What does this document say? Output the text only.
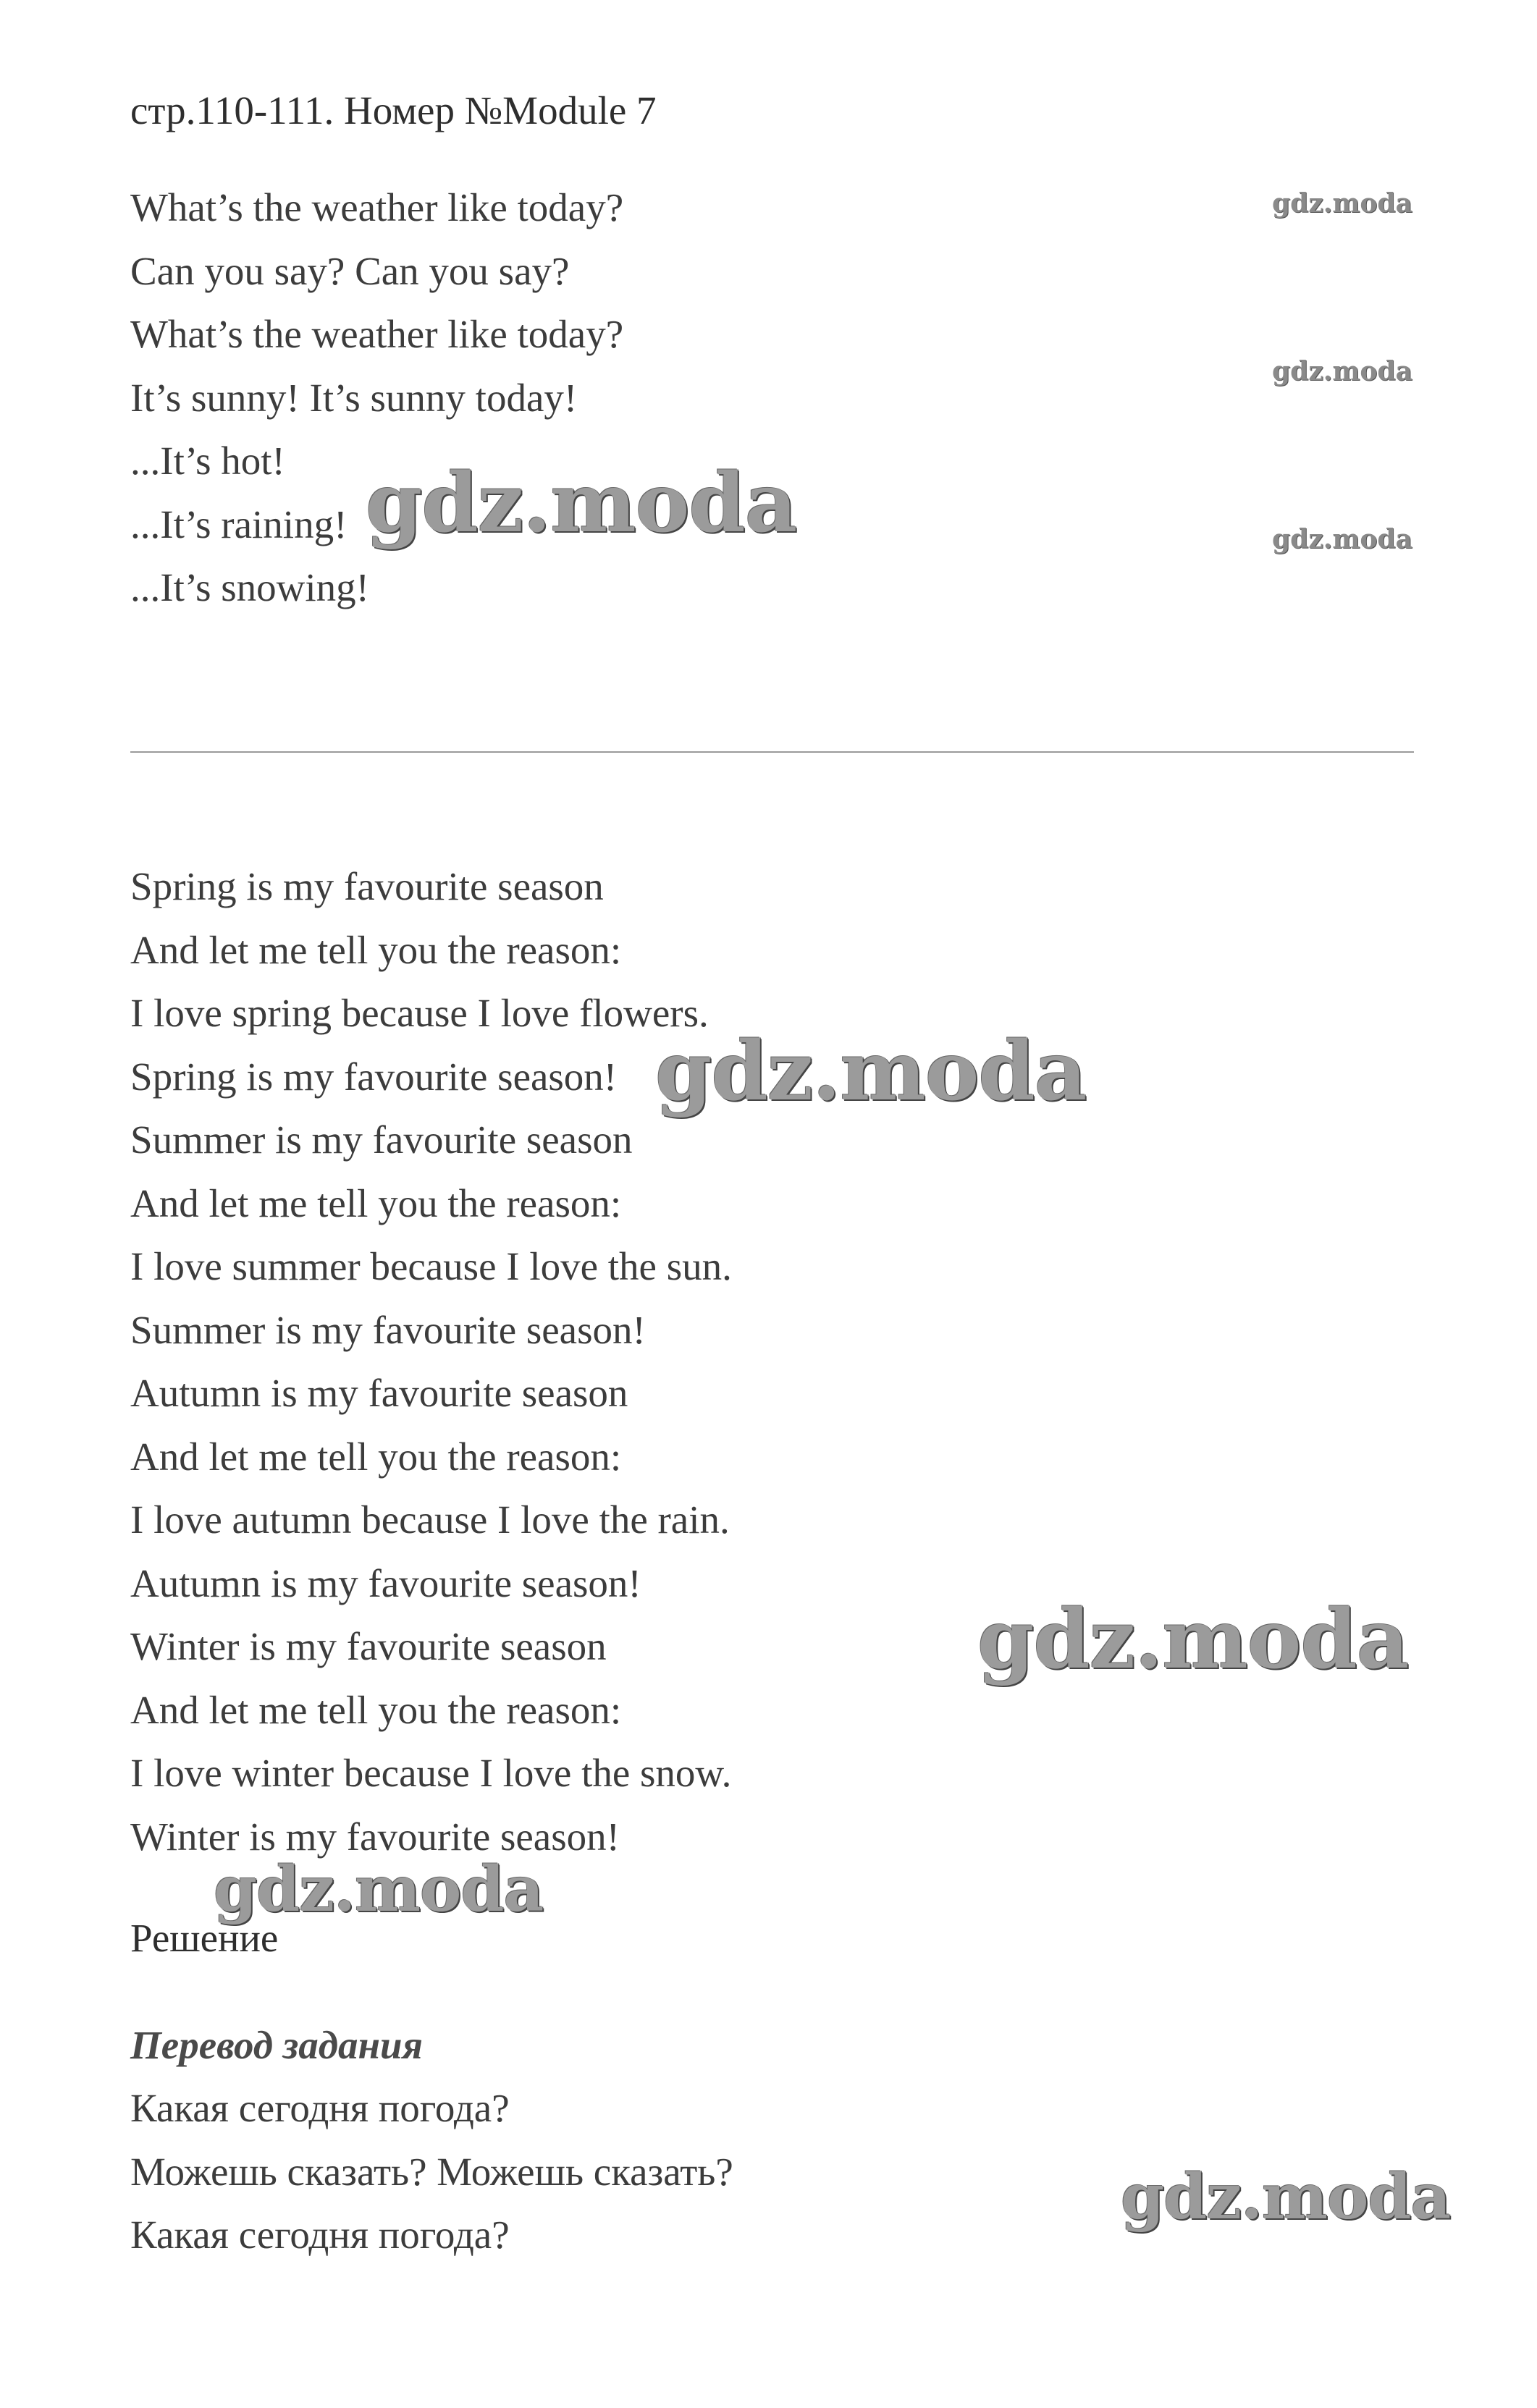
стр.110-111. Номер №Module 7
What’s the weather like today?
Can you say? Can you say?
What’s the weather like today?
It’s sunny! It’s sunny today!
...It’s hot!
...It’s raining!
...It’s snowing!
Spring is my favourite season
And let me tell you the reason:
I love spring because I love flowers.
Spring is my favourite season!
Summer is my favourite season
And let me tell you the reason:
I love summer because I love the sun.
Summer is my favourite season!
Autumn is my favourite season
And let me tell you the reason:
I love autumn because I love the rain.
Autumn is my favourite season!
Winter is my favourite season
And let me tell you the reason:
I love winter because I love the snow.
Winter is my favourite season!
Решение
Перевод задания
Какая сегодня погода?
Можешь сказать? Можешь сказать?
Какая сегодня погода?
gdz.moda
gdz.moda
gdz.moda
gdz.moda
gdz.moda
gdz.moda
gdz.moda
gdz.moda
